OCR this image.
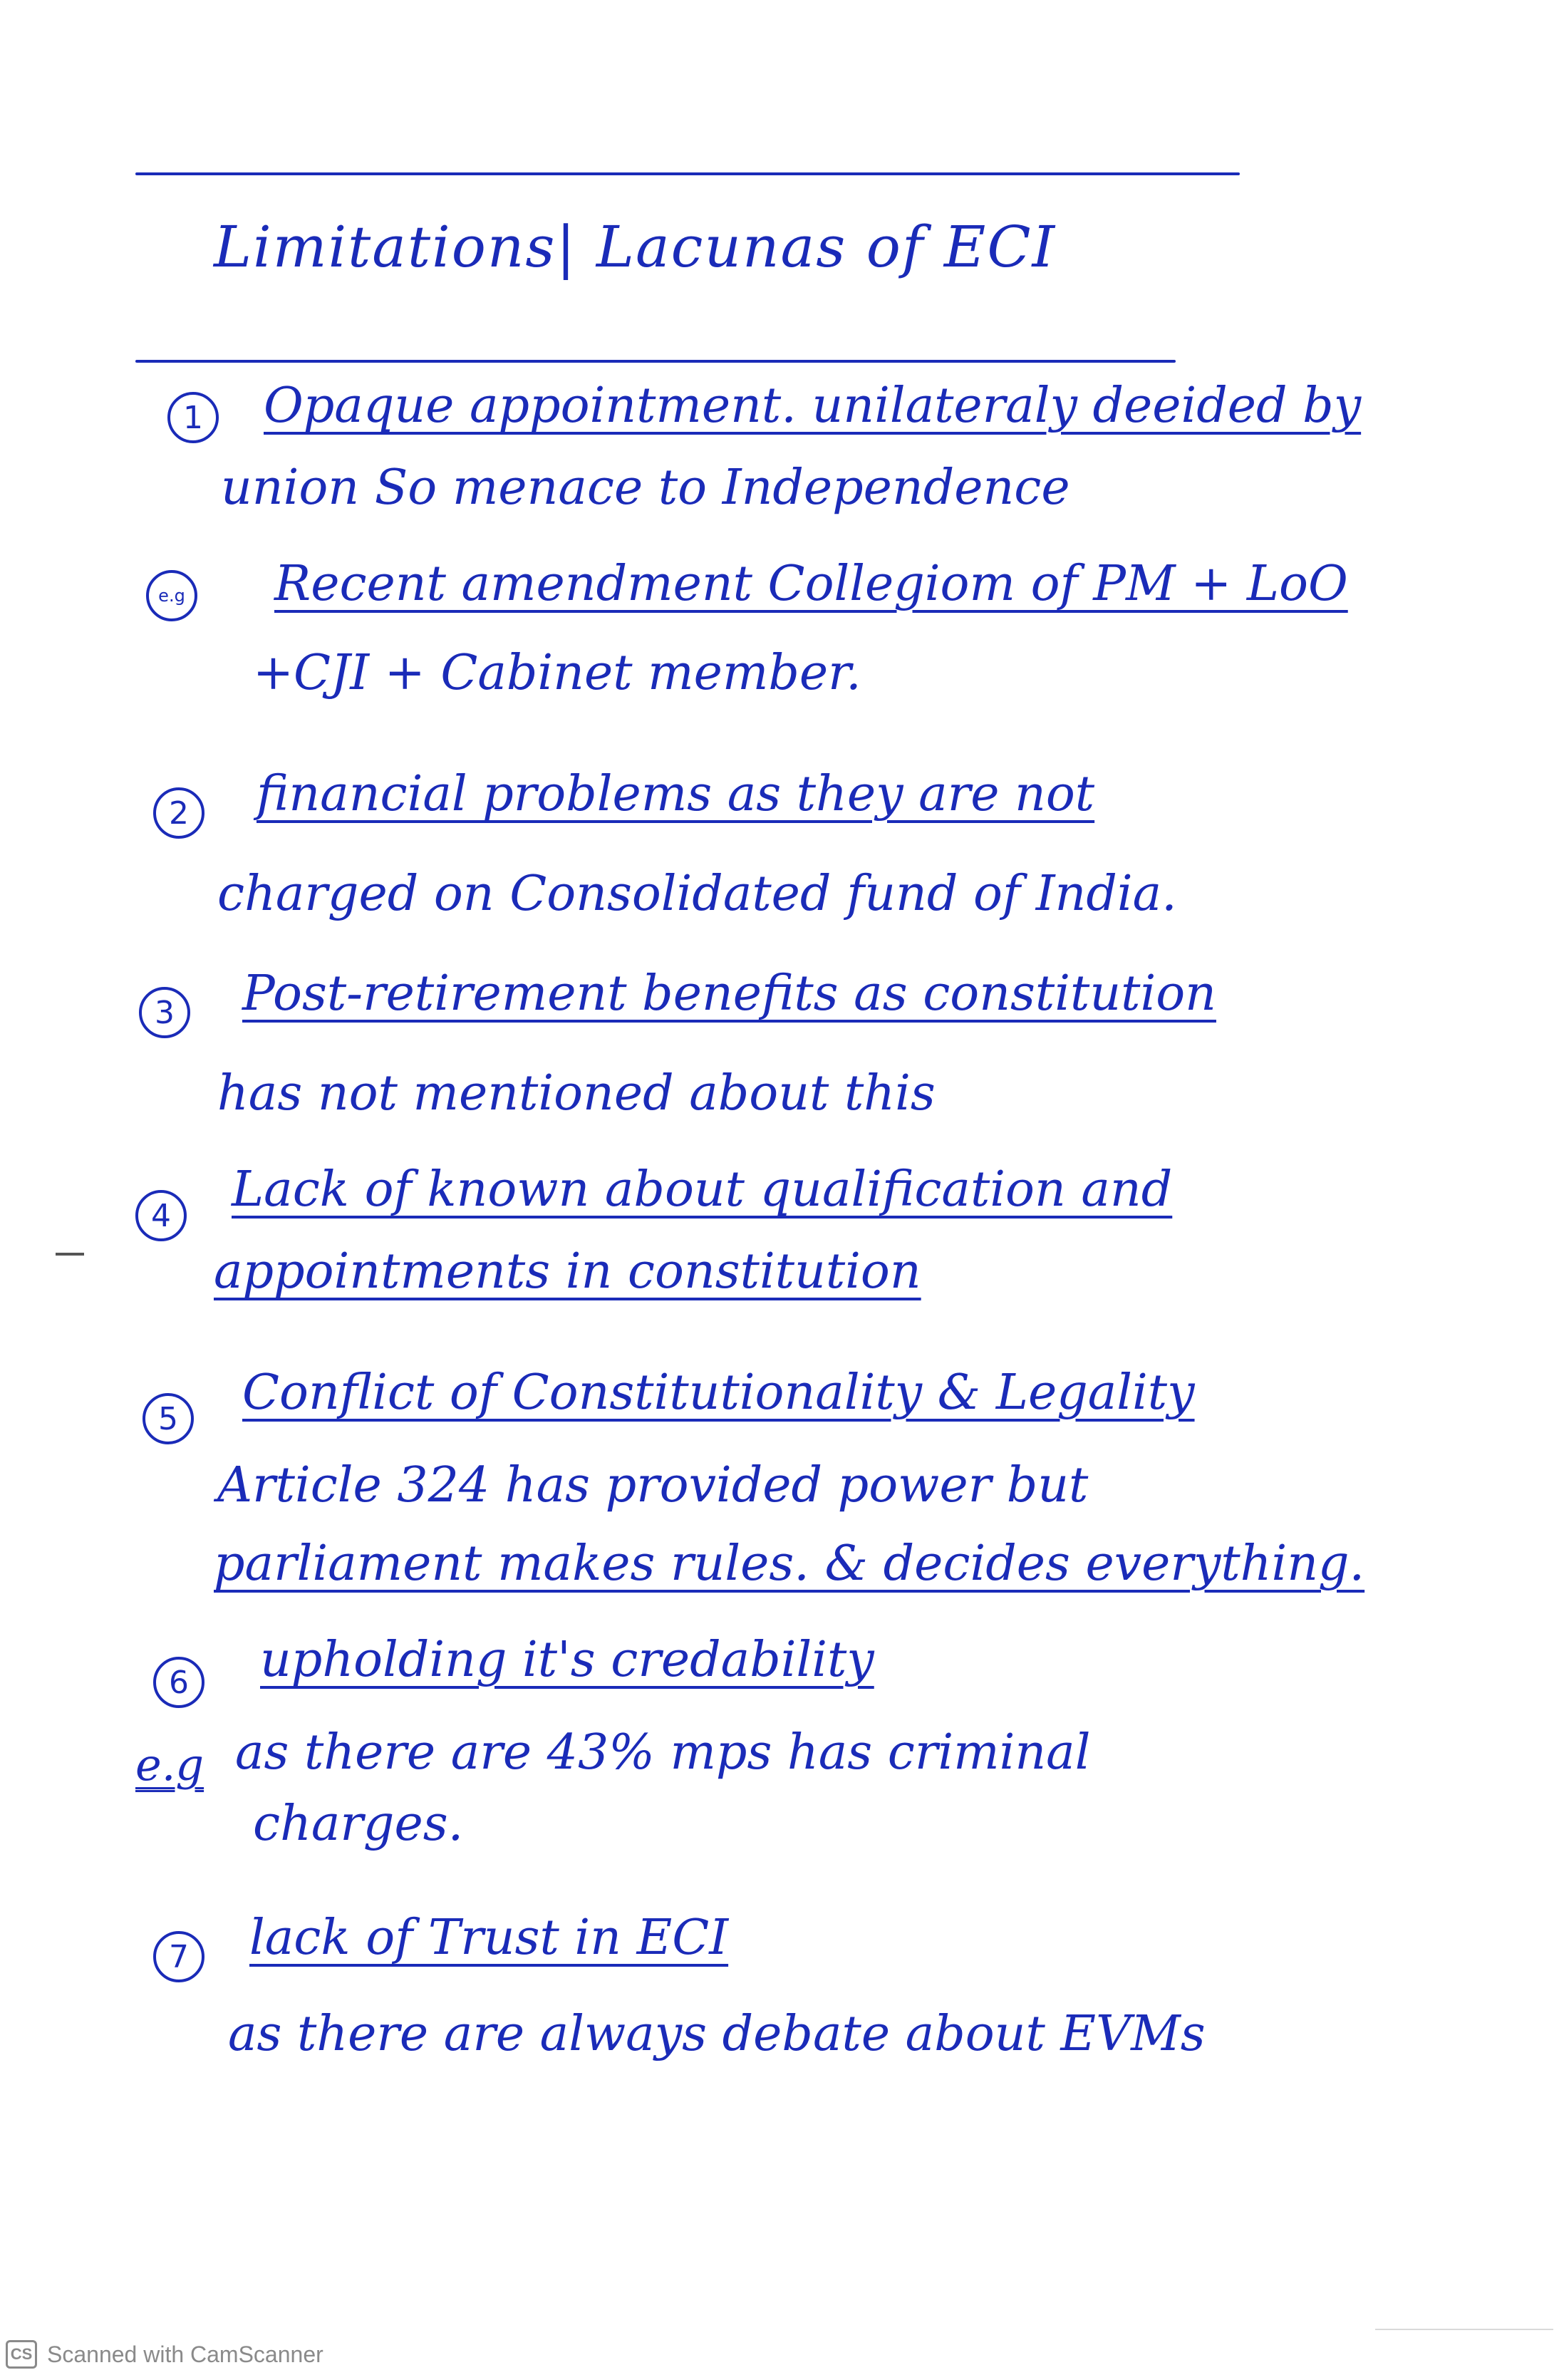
Limitations| Lacunas of ECI
1	Opaque appointment. unilateraly deeided by
union So menace to Independence
e.g Recent amendment Collegiom of PM + LoO
+CJI + Cabinet member.
2	financial problems as they are not
charged on Consolidated fund of India.
3	Post-retirement benefits as constitution
has not mentioned about this
4	Lack of known about qualification and
appointments in constitution
5	Conflict of Constitutionality & Legality
Article 324 has provided power but
parliament makes rules. & decides everything.
6	upholding it's credability
e.g as there are 43% mps has criminal
charges.
7	lack of Trust in ECI
as there are always debate about EVMs
CS Scanned with CamScanner
